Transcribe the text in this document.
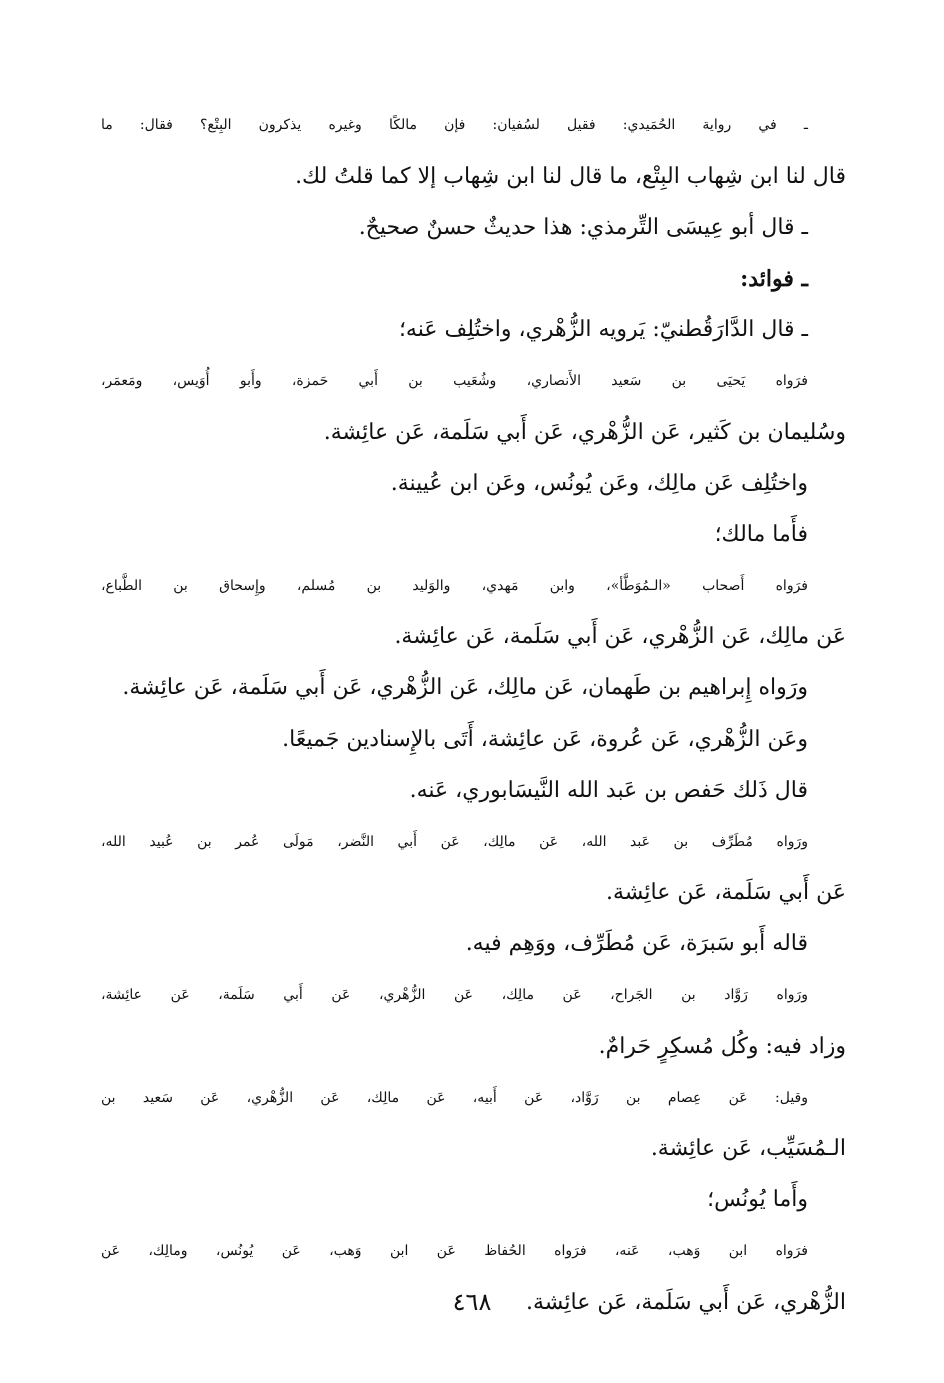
ـ في رواية الحُمَيدي: فقيل لسُفيان: فإن مالكًا وغيره يذكرون البِتْع؟ فقال: ما

قال لنا ابن شِهاب البِتْع، ما قال لنا ابن شِهاب إلا كما قلتُ لك.

ـ قال أبو عِيسَى التِّرمذي: هذا حديثٌ حسنٌ صحيحٌ.

ـ فوائد:

ـ قال الدَّارَقُطنيّ: يَرويه الزُّهْري، واختُلِف عَنه؛

فرَواه يَحيَى بن سَعيد الأَنصاري، وشُعَيب بن أَبي حَمزة، وأَبو أُوَيس، ومَعمَر،

وسُليمان بن كَثير، عَن الزُّهْري، عَن أَبي سَلَمة، عَن عائِشة.

واختُلِف عَن مالِك، وعَن يُونُس، وعَن ابن عُيينة.

فأَما مالك؛

فرَواه أَصحاب «الـمُوَطَّأ»، وابن مَهدي، والوَليد بن مُسلم، وإِسحاق بن الطَّباع،

عَن مالِك، عَن الزُّهْري، عَن أَبي سَلَمة، عَن عائِشة.

ورَواه إِبراهيم بن طَهمان، عَن مالِك، عَن الزُّهْري، عَن أَبي سَلَمة، عَن عائِشة.

وعَن الزُّهْري، عَن عُروة، عَن عائِشة، أَتَى بالإِسنادين جَميعًا.

قال ذَلك حَفص بن عَبد الله النَّيسَابوري، عَنه.

ورَواه مُطَرِّف بن عَبد الله، عَن مالِك، عَن أَبي النَّضر، مَولَى عُمر بن عُبيد الله،

عَن أَبي سَلَمة، عَن عائِشة.

قاله أَبو سَبرَة، عَن مُطَرِّف، ووَهِم فيه.

ورَواه رَوَّاد بن الجَراح، عَن مالِك، عَن الزُّهْري، عَن أَبي سَلَمة، عَن عائِشة،

وزاد فيه: وكُل مُسكِرٍ حَرامٌ.

وقيل: عَن عِصام بن رَوَّاد، عَن أَبيه، عَن مالِك، عَن الزُّهْري، عَن سَعيد بن

الـمُسَيِّب، عَن عائِشة.

وأَما يُونُس؛

فرَواه ابن وَهب، عَنه، فرَواه الحُفاظ عَن ابن وَهب، عَن يُونُس، ومالِك، عَن

الزُّهْري، عَن أَبي سَلَمة، عَن عائِشة.

٤٦٨
